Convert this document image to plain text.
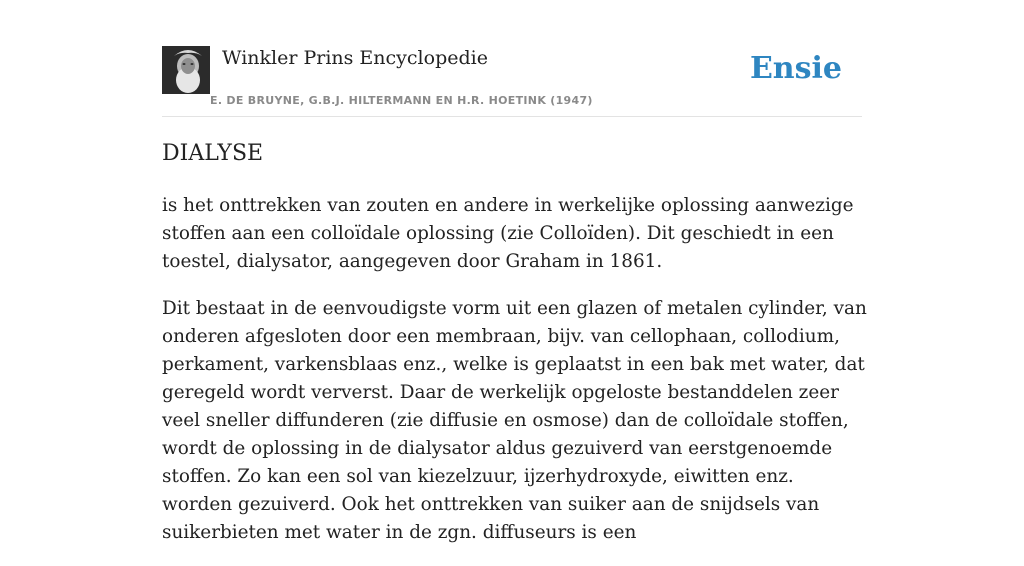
Winkler Prins Encyclopedie
E. DE BRUYNE, G.B.J. HILTERMANN EN H.R. HOETINK (1947)
Ensie
DIALYSE

is het onttrekken van zouten en andere in werkelijke oplossing aanwezige stoffen aan een colloïdale oplossing (zie Colloïden). Dit geschiedt in een toestel, dialysator, aangegeven door Graham in 1861.

Dit bestaat in de eenvoudigste vorm uit een glazen of metalen cylinder, van onderen afgesloten door een membraan, bijv. van cellophaan, collodium, perkament, varkensblaas enz., welke is geplaatst in een bak met water, dat geregeld wordt ververst. Daar de werkelijk opgeloste bestanddelen zeer veel sneller diffunderen (zie diffusie en osmose) dan de colloïdale stoffen, wordt de oplossing in de dialysator aldus gezuiverd van eerstgenoemde stoffen. Zo kan een sol van kiezelzuur, ijzerhydroxyde, eiwitten enz. worden gezuiverd. Ook het onttrekken van suiker aan de snijdsels van suikerbieten met water in de zgn. diffuseurs is een
